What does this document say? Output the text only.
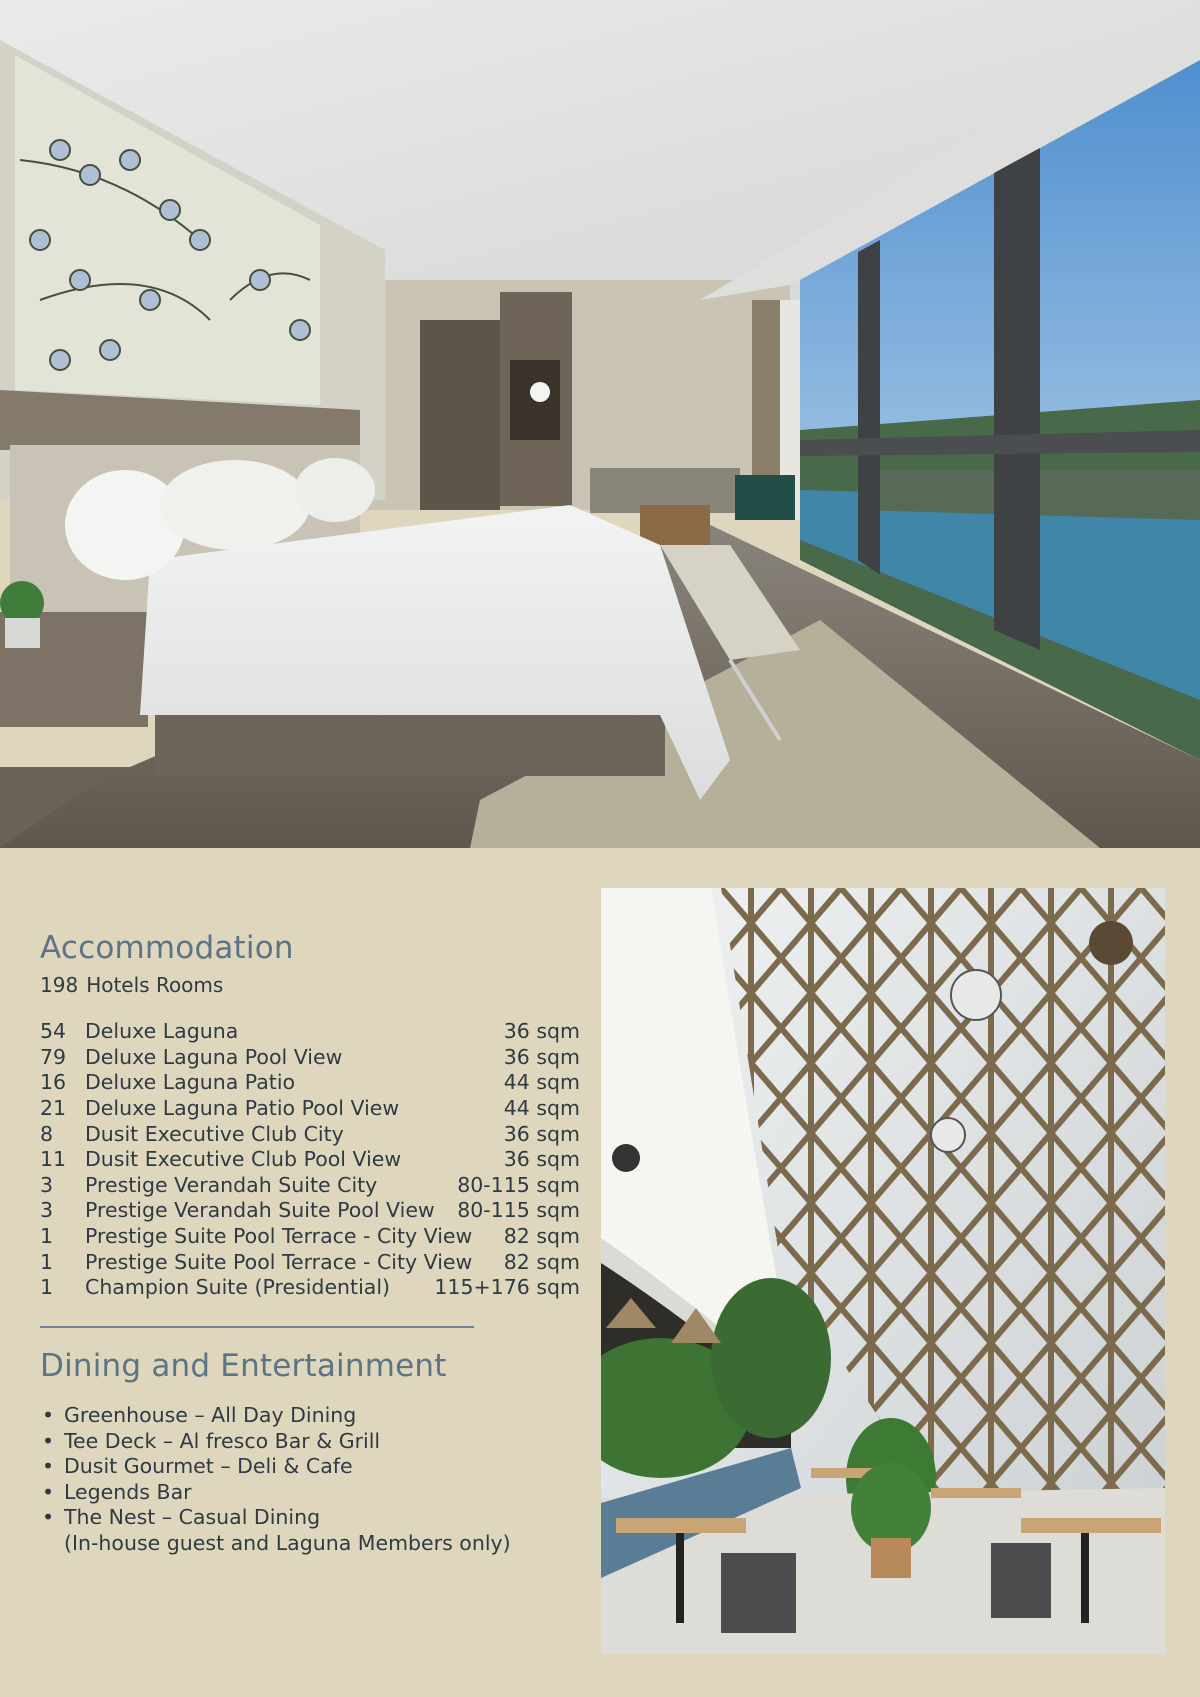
Accommodation
198 Hotels Rooms
54 Deluxe Laguna	36 sqm
79 Deluxe Laguna Pool View	36 sqm
16 Deluxe Laguna Patio	44 sqm
21 Deluxe Laguna Patio Pool View	44 sqm
8	Dusit Executive Club City	36 sqm
11 Dusit Executive Club Pool View	36 sqm
3	Prestige Verandah Suite City	80-115 sqm
3	Prestige Verandah Suite Pool View	80-115 sqm
1	Prestige Suite Pool Terrace - City View	82 sqm
1	Prestige Suite Pool Terrace - City View	82 sqm
1	Champion Suite (Presidential)	115+176 sqm
Dining and Entertainment
• Greenhouse – All Day Dining
• Tee Deck – Al fresco Bar & Grill
• Dusit Gourmet – Deli & Cafe
• Legends Bar
• The Nest – Casual Dining
(In-house guest and Laguna Members only)
